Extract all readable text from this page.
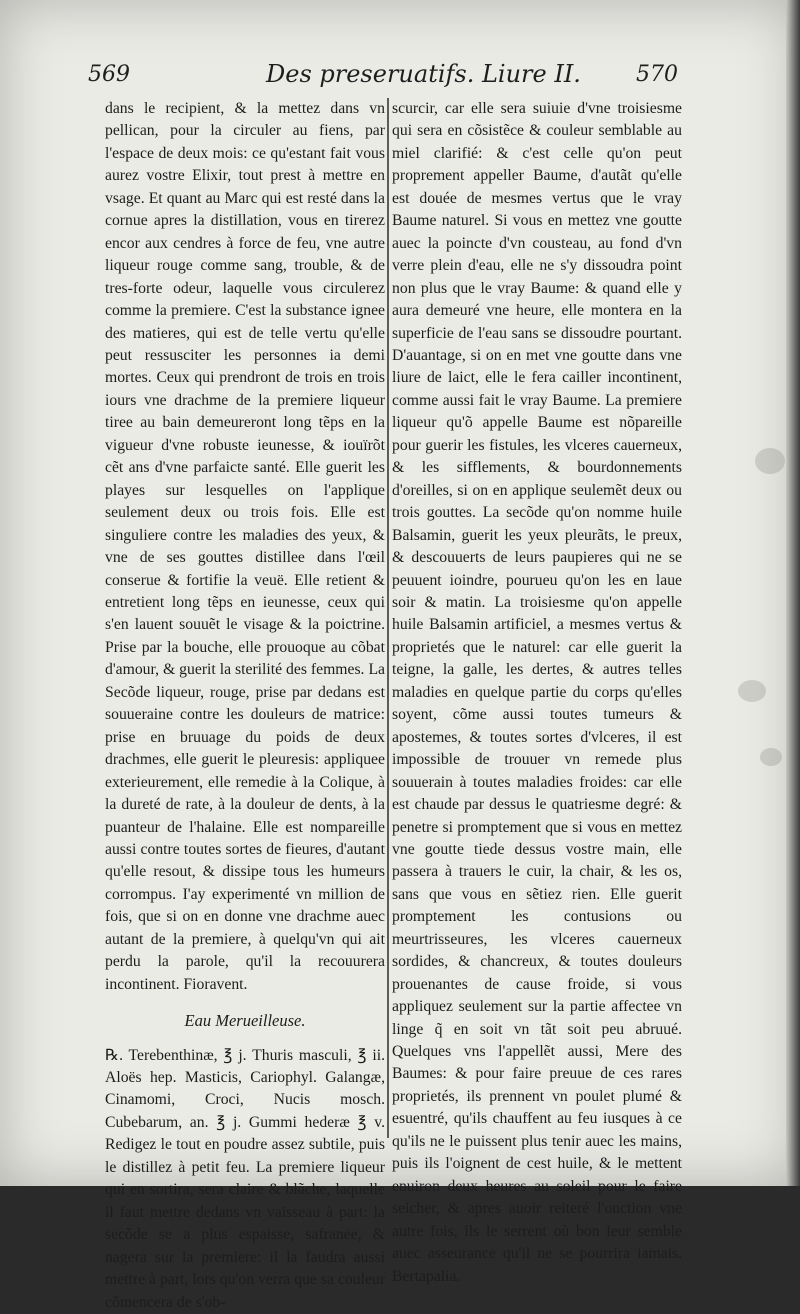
569	Des preseruatifs. Liure II.	570

dans le recipient, & la mettez dans vn pellican, pour la circuler au fiens, par l'espace de deux mois: ce qu'estant fait vous aurez vostre Elixir, tout prest à mettre en vsage. Et quant au Marc qui est resté dans la cornue apres la distillation, vous en tirerez encor aux cendres à force de feu, vne autre liqueur rouge comme sang, trouble, & de tres-forte odeur, laquelle vous circulerez comme la premiere. C'est la substance ignee des matieres, qui est de telle vertu qu'elle peut ressusciter les personnes ia demi mortes. Ceux qui prendront de trois en trois iours vne drachme de la premiere liqueur tiree au bain demeureront long tẽps en la vigueur d'vne robuste ieunesse, & iouïrõt cẽt ans d'vne parfaicte santé. Elle guerit les playes sur lesquelles on l'applique seulement deux ou trois fois. Elle est singuliere contre les maladies des yeux, & vne de ses gouttes distillee dans l'œil conserue & fortifie la veuë. Elle retient & entretient long tẽps en ieunesse, ceux qui s'en lauent souuẽt le visage & la poictrine. Prise par la bouche, elle prouoque au cõbat d'amour, & guerit la sterilité des femmes. La Secõde liqueur, rouge, prise par dedans est souueraine contre les douleurs de matrice: prise en bruuage du poids de deux drachmes, elle guerit le pleuresis: appliquee exterieurement, elle remedie à la Colique, à la dureté de rate, à la douleur de dents, à la puanteur de l'halaine. Elle est nompareille aussi contre toutes sortes de fieures, d'autant qu'elle resout, & dissipe tous les humeurs corrompus. I'ay experimenté vn million de fois, que si on en donne vne drachme auec autant de la premiere, à quelqu'vn qui ait perdu la parole, qu'il la recouurera incontinent. Fioravent.

Eau Merueilleuse.

℞. Terebenthinæ, ℥ j. Thuris masculi, ℥ ii. Aloës hep. Masticis, Cariophyl. Galangæ, Cinamomi, Croci, Nucis mosch. Cubebarum, an. ℥ j. Gummi hederæ ℥ v. Redigez le tout en poudre assez subtile, puis le distillez à petit feu. La premiere liqueur qui en sortira, sera claire & blãche, laquelle il faut mettre dedans vn vaisseau à part: la secõde se a plus espaisse, safranee, & nagera sur la premiere: il la faudra aussi mettre à part, lors qu'on verra que sa couleur cõmencera de s'ob-

scurcir, car elle sera suiuie d'vne troisiesme qui sera en cõsistẽce & couleur semblable au miel clarifié: & c'est celle qu'on peut proprement appeller Baume, d'autãt qu'elle est douée de mesmes vertus que le vray Baume naturel. Si vous en mettez vne goutte auec la poincte d'vn cousteau, au fond d'vn verre plein d'eau, elle ne s'y dissoudra point non plus que le vray Baume: & quand elle y aura demeuré vne heure, elle montera en la superficie de l'eau sans se dissoudre pourtant. D'auantage, si on en met vne goutte dans vne liure de laict, elle le fera cailler incontinent, comme aussi fait le vray Baume. La premiere liqueur qu'õ appelle Baume est nõpareille pour guerir les fistules, les vlceres cauerneux, & les sifflements, & bourdonnements d'oreilles, si on en applique seulemẽt deux ou trois gouttes. La secõde qu'on nomme huile Balsamin, guerit les yeux pleurãts, le preux, & descouuerts de leurs paupieres qui ne se peuuent ioindre, pourueu qu'on les en laue soir & matin. La troisiesme qu'on appelle huile Balsamin artificiel, a mesmes vertus & proprietés que le naturel: car elle guerit la teigne, la galle, les dertes, & autres telles maladies en quelque partie du corps qu'elles soyent, cõme aussi toutes tumeurs & apostemes, & toutes sortes d'vlceres, il est impossible de trouuer vn remede plus souuerain à toutes maladies froides: car elle est chaude par dessus le quatriesme degré: & penetre si promptement que si vous en mettez vne goutte tiede dessus vostre main, elle passera à trauers le cuir, la chair, & les os, sans que vous en sẽtiez rien. Elle guerit promptement les contusions ou meurtrisseures, les vlceres cauerneux sordides, & chancreux, & toutes douleurs prouenantes de cause froide, si vous appliquez seulement sur la partie affectee vn linge q̃ en soit vn tãt soit peu abruué. Quelques vns l'appellẽt aussi, Mere des Baumes: & pour faire preuue de ces rares proprietés, ils prennent vn poulet plumé & esuentré, qu'ils chauffent au feu iusques à ce qu'ils ne le puissent plus tenir auec les mains, puis ils l'oignent de cest huile, & le mettent enuiron deux heures au soleil pour le faire seicher, & apres auoir reiteré l'onction vne autre fois, ils le serrent où bon leur semble auec asseurance qu'il ne se pourrira iamais. Bertapalia.
